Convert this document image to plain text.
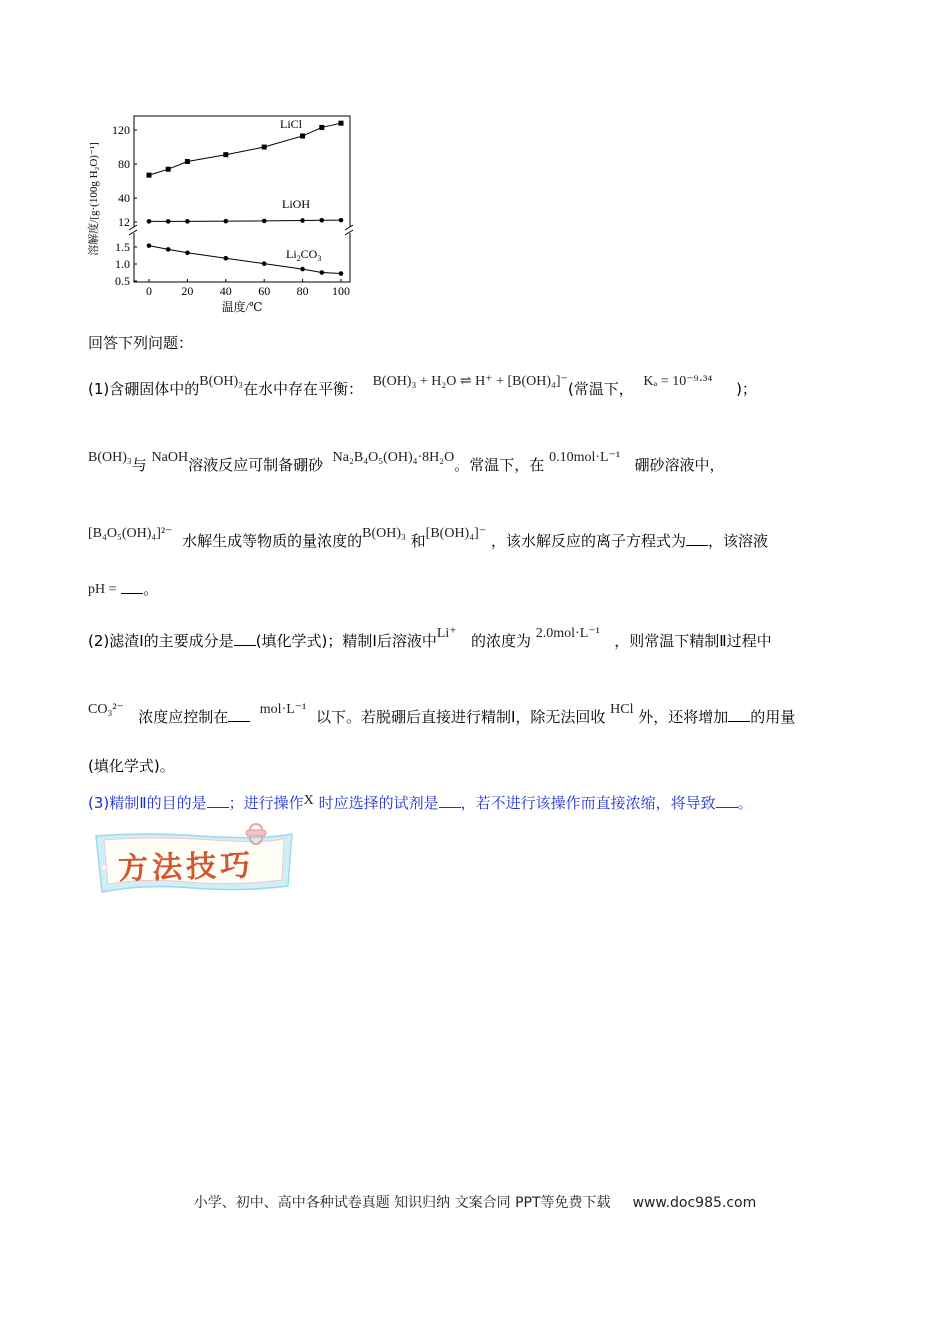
0 20 40 60 80 100
120
80
40
12
1.5
1.0
0.5
温度/℃
溶解度/[g·(100g H₂O)⁻¹]
LiCl
LiOH
$Li_2CO_3$
回答下列问题：
(1)含硼固体中的B(OH)₃在水中存在平衡： B(OH)₃ + H₂O ⇌ H⁺ + [B(OH)₄]⁻(常温下， Kₐ = 10⁻⁹·³⁴ )；
B(OH)₃与 NaOH溶液反应可制备硼砂 Na₂B₄O₅(OH)₄·8H₂O。常温下，在 0.10mol·L⁻¹ 硼砂溶液中，
[B₄O₅(OH)₄]²⁻ 水解生成等物质的量浓度的B(OH)₃ 和[B(OH)₄]⁻ ，该水解反应的离子方程式为 ，该溶液
pH = 。
(2)滤渣Ⅰ的主要成分是 (填化学式)；精制Ⅰ后溶液中Li⁺ 的浓度为 2.0mol·L⁻¹ ，则常温下精制Ⅱ过程中
CO₃²⁻ 浓度应控制在 mol·L⁻¹ 以下。若脱硼后直接进行精制Ⅰ，除无法回收 HCl 外，还将增加 的用量
(填化学式)。
(3)精制Ⅱ的目的是 ；进行操作X 时应选择的试剂是 ，若不进行该操作而直接浓缩，将导致 。
方法技巧
小学、初中、高中各种试卷真题 知识归纳 文案合同 PPT等免费下载 www.doc985.com
